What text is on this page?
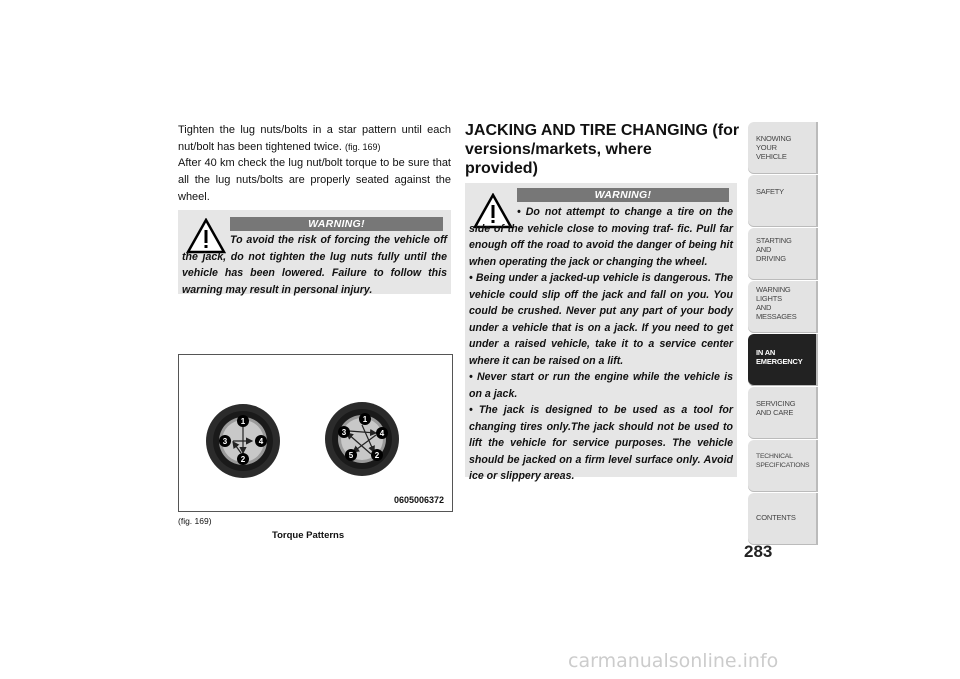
Tighten the lug nuts/bolts in a star pattern until each nut/bolt has been tightened twice. (fig. 169)
After 40 km check the lug nut/bolt torque to be sure that all the lug nuts/bolts are properly seated against the wheel.
WARNING!

To avoid the risk of forcing the vehicle off the jack, do not tighten the lug nuts fully until the vehicle has been lowered. Failure to follow this warning may result in personal injury.

1
4
2
3
1
4
2
5
3
0605006372
(fig. 169)
Torque Patterns
JACKING AND TIRE CHANGING (for
versions/markets, where
provided)
WARNING!

• Do not attempt to change a tire on the side of the vehicle close to moving traf- fic. Pull far enough off the road to avoid the danger of being hit when operating the jack or changing the wheel.

• Being under a jacked-up vehicle is dangerous. The vehicle could slip off the jack and fall on you. You could be crushed. Never put any part of your body under a vehicle that is on a jack. If you need to get under a raised vehicle, take it to a service center where it can be raised on a lift.

• Never start or run the engine while the vehicle is on a jack.

• The jack is designed to be used as a tool for changing tires only.The jack should not be used to lift the vehicle for service purposes. The vehicle should be jacked on a firm level surface only. Avoid ice or slippery areas.

KNOWING
YOUR
VEHICLE
SAFETY
STARTING
AND
DRIVING
WARNING
LIGHTS
AND
MESSAGES
IN AN
EMERGENCY
SERVICING
AND CARE
TECHNICAL
SPECIFICATIONS
CONTENTS
283
carmanualsonline.info
